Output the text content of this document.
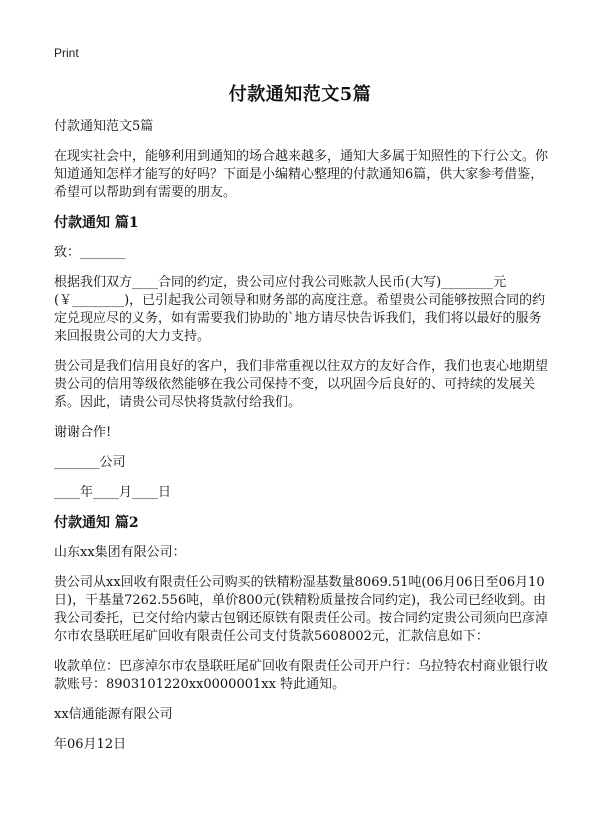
Print
付款通知范文5篇

付款通知范文5篇

在现实社会中，能够利用到通知的场合越来越多，通知大多属于知照性的下行公文。你知道通知怎样才能写的好吗？下面是小编精心整理的付款通知6篇，供大家参考借鉴，希望可以帮助到有需要的朋友。

付款通知 篇1

致：_______

根据我们双方____合同的约定，贵公司应付我公司账款人民币(大写)________元(￥________)，已引起我公司领导和财务部的高度注意。希望贵公司能够按照合同的约定兑现应尽的义务，如有需要我们协助的`地方请尽快告诉我们，我们将以最好的服务来回报贵公司的大力支持。

贵公司是我们信用良好的客户，我们非常重视以往双方的友好合作，我们也衷心地期望贵公司的信用等级依然能够在我公司保持不变，以巩固今后良好的、可持续的发展关系。因此，请贵公司尽快将货款付给我们。

谢谢合作!

_______公司

____年____月____日

付款通知 篇2

山东xx集团有限公司：

贵公司从xx回收有限责任公司购买的铁精粉湿基数量8069.51吨(06月06日至06月10日)，干基量7262.556吨，单价800元(铁精粉质量按合同约定)，我公司已经收到。由我公司委托，已交付给内蒙古包钢还原铁有限责任公司。按合同约定贵公司须向巴彦淖尔市农垦联旺尾矿回收有限责任公司支付货款5608002元，汇款信息如下：

收款单位：巴彦淖尔市农垦联旺尾矿回收有限责任公司开户行：乌拉特农村商业银行收款账号：8903101220xx0000001xx 特此通知。

xx信通能源有限公司

年06月12日
